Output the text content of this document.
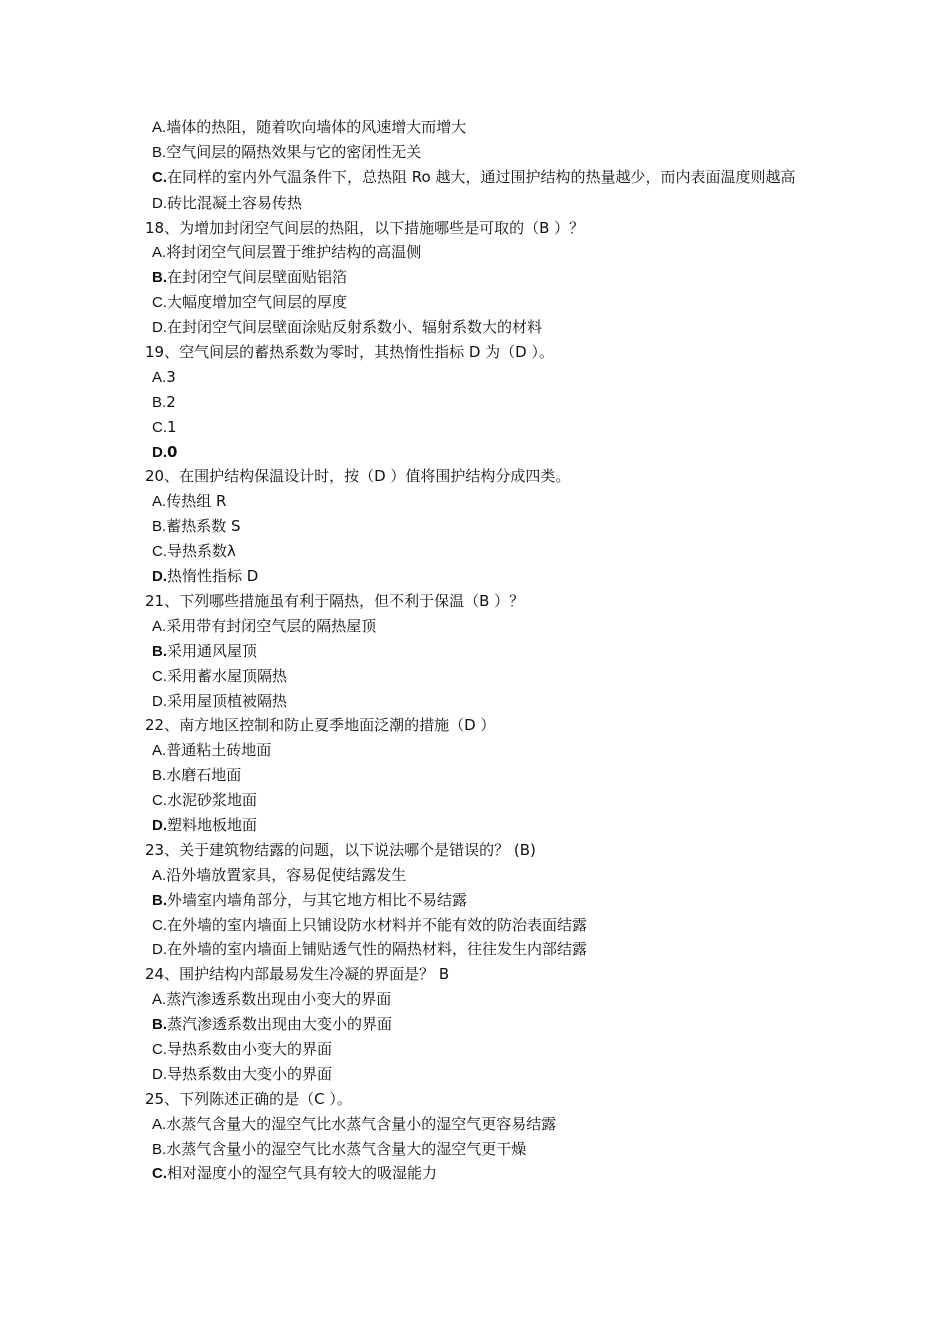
A.墙体的热阻，随着吹向墙体的风速增大而增大
B.空气间层的隔热效果与它的密闭性无关
C.在同样的室内外气温条件下，总热阻 Ro 越大，通过围护结构的热量越少，而内表面温度则越高
D.砖比混凝土容易传热
18、为增加封闭空气间层的热阻，以下措施哪些是可取的（B ）？
A.将封闭空气间层置于维护结构的高温侧
B.在封闭空气间层壁面贴铝箔
C.大幅度增加空气间层的厚度
D.在封闭空气间层壁面涂贴反射系数小、辐射系数大的材料
19、空气间层的蓄热系数为零时，其热惰性指标 D 为（D ）。
A.3
B.2
C.1
D.0
20、在围护结构保温设计时，按（D ）值将围护结构分成四类。
A.传热组 R
B.蓄热系数 S
C.导热系数λ
D.热惰性指标 D
21、下列哪些措施虽有利于隔热，但不利于保温（B ）？
A.采用带有封闭空气层的隔热屋顶
B.采用通风屋顶
C.采用蓄水屋顶隔热
D.采用屋顶植被隔热
22、南方地区控制和防止夏季地面泛潮的措施（D ）
A.普通粘土砖地面
B.水磨石地面
C.水泥砂浆地面
D.塑料地板地面
23、关于建筑物结露的问题，以下说法哪个是错误的？ (B)
A.沿外墙放置家具，容易促使结露发生
B.外墙室内墙角部分，与其它地方相比不易结露
C.在外墙的室内墙面上只铺设防水材料并不能有效的防治表面结露
D.在外墙的室内墙面上铺贴透气性的隔热材料，往往发生内部结露
24、围护结构内部最易发生冷凝的界面是？ B
A.蒸汽渗透系数出现由小变大的界面
B.蒸汽渗透系数出现由大变小的界面
C.导热系数由小变大的界面
D.导热系数由大变小的界面
25、下列陈述正确的是（C ）。
A.水蒸气含量大的湿空气比水蒸气含量小的湿空气更容易结露
B.水蒸气含量小的湿空气比水蒸气含量大的湿空气更干燥
C.相对湿度小的湿空气具有较大的吸湿能力
